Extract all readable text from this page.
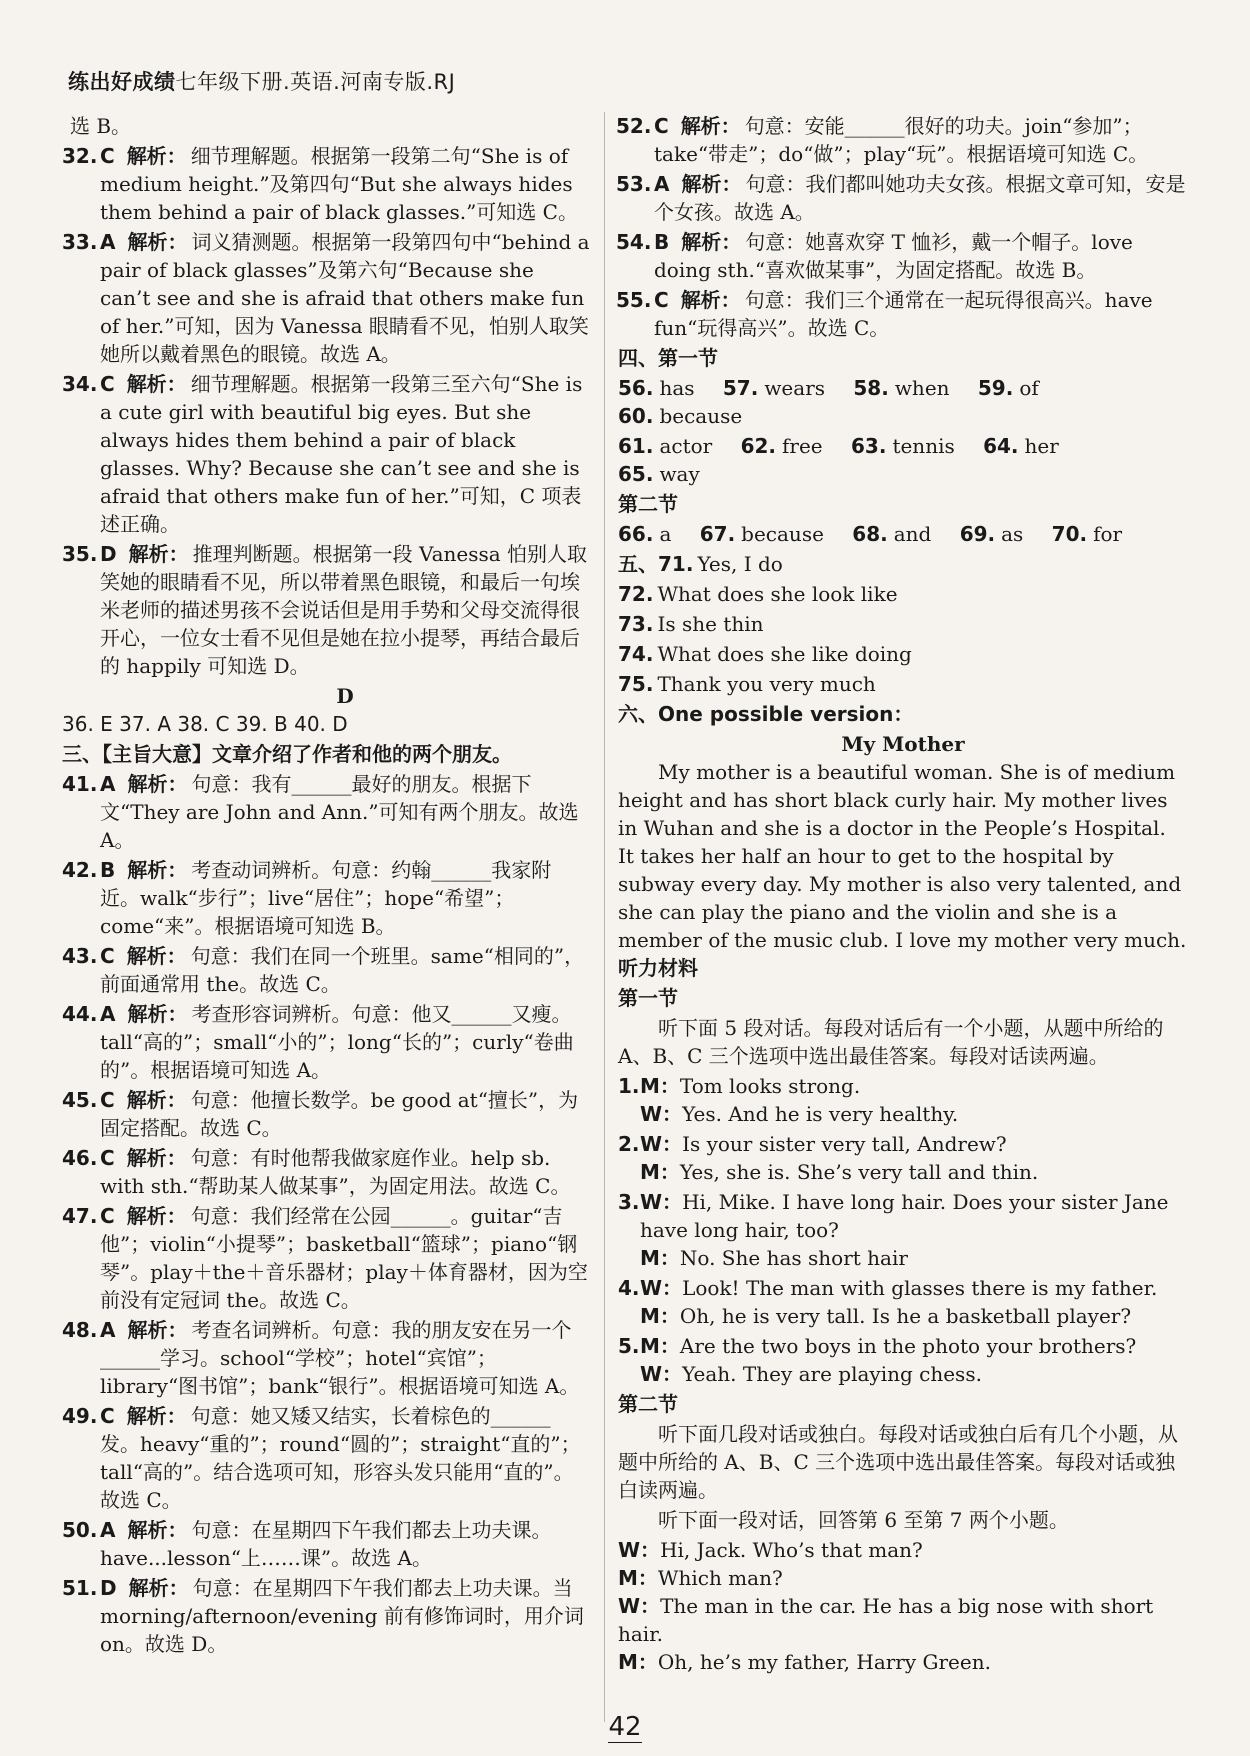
练出好成绩七年级下册.英语.河南专版.RJ
选 B。
32. C 解析： 细节理解题。根据第一段第二句“She is of medium height.”及第四句“But she always hides them behind a pair of black glasses.”可知选 C。
33. A 解析： 词义猜测题。根据第一段第四句中“behind a pair of black glasses”及第六句“Because she can’t see and she is afraid that others make fun of her.”可知，因为 Vanessa 眼睛看不见，怕别人取笑她所以戴着黑色的眼镜。故选 A。
34. C 解析： 细节理解题。根据第一段第三至六句“She is a cute girl with beautiful big eyes. But she always hides them behind a pair of black glasses. Why? Because she can’t see and she is afraid that others make fun of her.”可知，C 项表述正确。
35. D 解析： 推理判断题。根据第一段 Vanessa 怕别人取笑她的眼睛看不见，所以带着黑色眼镜，和最后一句埃米老师的描述男孩不会说话但是用手势和父母交流得很开心，一位女士看不见但是她在拉小提琴，再结合最后的 happily 可知选 D。
D
36. E 37. A 38. C 39. B 40. D
三、【主旨大意】文章介绍了作者和他的两个朋友。
41. A 解析： 句意：我有______最好的朋友。根据下文“They are John and Ann.”可知有两个朋友。故选 A。
42. B 解析： 考查动词辨析。句意：约翰______我家附近。walk“步行”；live“居住”；hope“希望”；come“来”。根据语境可知选 B。
43. C 解析： 句意：我们在同一个班里。same“相同的”，前面通常用 the。故选 C。
44. A 解析： 考查形容词辨析。句意：他又______又瘦。tall“高的”；small“小的”；long“长的”；curly“卷曲的”。根据语境可知选 A。
45. C 解析： 句意：他擅长数学。be good at“擅长”，为固定搭配。故选 C。
46. C 解析： 句意：有时他帮我做家庭作业。help sb. with sth.“帮助某人做某事”，为固定用法。故选 C。
47. C 解析： 句意：我们经常在公园______。guitar“吉他”；violin“小提琴”；basketball“篮球”；piano“钢琴”。play＋the＋音乐器材；play＋体育器材，因为空前没有定冠词 the。故选 C。
48. A 解析： 考查名词辨析。句意：我的朋友安在另一个______学习。school“学校”；hotel“宾馆”；library“图书馆”；bank“银行”。根据语境可知选 A。
49. C 解析： 句意：她又矮又结实，长着棕色的______发。heavy“重的”；round“圆的”；straight“直的”；tall“高的”。结合选项可知，形容头发只能用“直的”。故选 C。
50. A 解析： 句意：在星期四下午我们都去上功夫课。have...lesson“上……课”。故选 A。
51. D 解析： 句意：在星期四下午我们都去上功夫课。当 morning/afternoon/evening 前有修饰词时，用介词 on。故选 D。
52. C 解析： 句意：安能______很好的功夫。join“参加”；take“带走”；do“做”；play“玩”。根据语境可知选 C。
53. A 解析： 句意：我们都叫她功夫女孩。根据文章可知，安是个女孩。故选 A。
54. B 解析： 句意：她喜欢穿 T 恤衫，戴一个帽子。love doing sth.“喜欢做某事”，为固定搭配。故选 B。
55. C 解析： 句意：我们三个通常在一起玩得很高兴。have fun“玩得高兴”。故选 C。
四、第一节
56. has 57. wears 58. when 59. of 60. because
61. actor 62. free 63. tennis 64. her 65. way
第二节
66. a 67. because 68. and 69. as 70. for
五、71. Yes, I do
72. What does she look like
73. Is she thin
74. What does she like doing
75. Thank you very much
六、One possible version：
My Mother

My mother is a beautiful woman. She is of medium height and has short black curly hair. My mother lives in Wuhan and she is a doctor in the People’s Hospital. It takes her half an hour to get to the hospital by subway every day. My mother is also very talented, and she can play the piano and the violin and she is a member of the music club. I love my mother very much.

听力材料
第一节
听下面 5 段对话。每段对话后有一个小题，从题中所给的 A、B、C 三个选项中选出最佳答案。每段对话读两遍。
1.M：Tom looks strong.
W：Yes. And he is very healthy.
2.W：Is your sister very tall, Andrew?
M：Yes, she is. She’s very tall and thin.
3.W：Hi, Mike. I have long hair. Does your sister Jane have long hair, too?
M：No. She has short hair
4.W：Look! The man with glasses there is my father.
M：Oh, he is very tall. Is he a basketball player?
5.M：Are the two boys in the photo your brothers?
W：Yeah. They are playing chess.
第二节
听下面几段对话或独白。每段对话或独白后有几个小题，从题中所给的 A、B、C 三个选项中选出最佳答案。每段对话或独白读两遍。
听下面一段对话，回答第 6 至第 7 两个小题。
W：Hi, Jack. Who’s that man?
M：Which man?
W：The man in the car. He has a big nose with short hair.
M：Oh, he’s my father, Harry Green.
42
